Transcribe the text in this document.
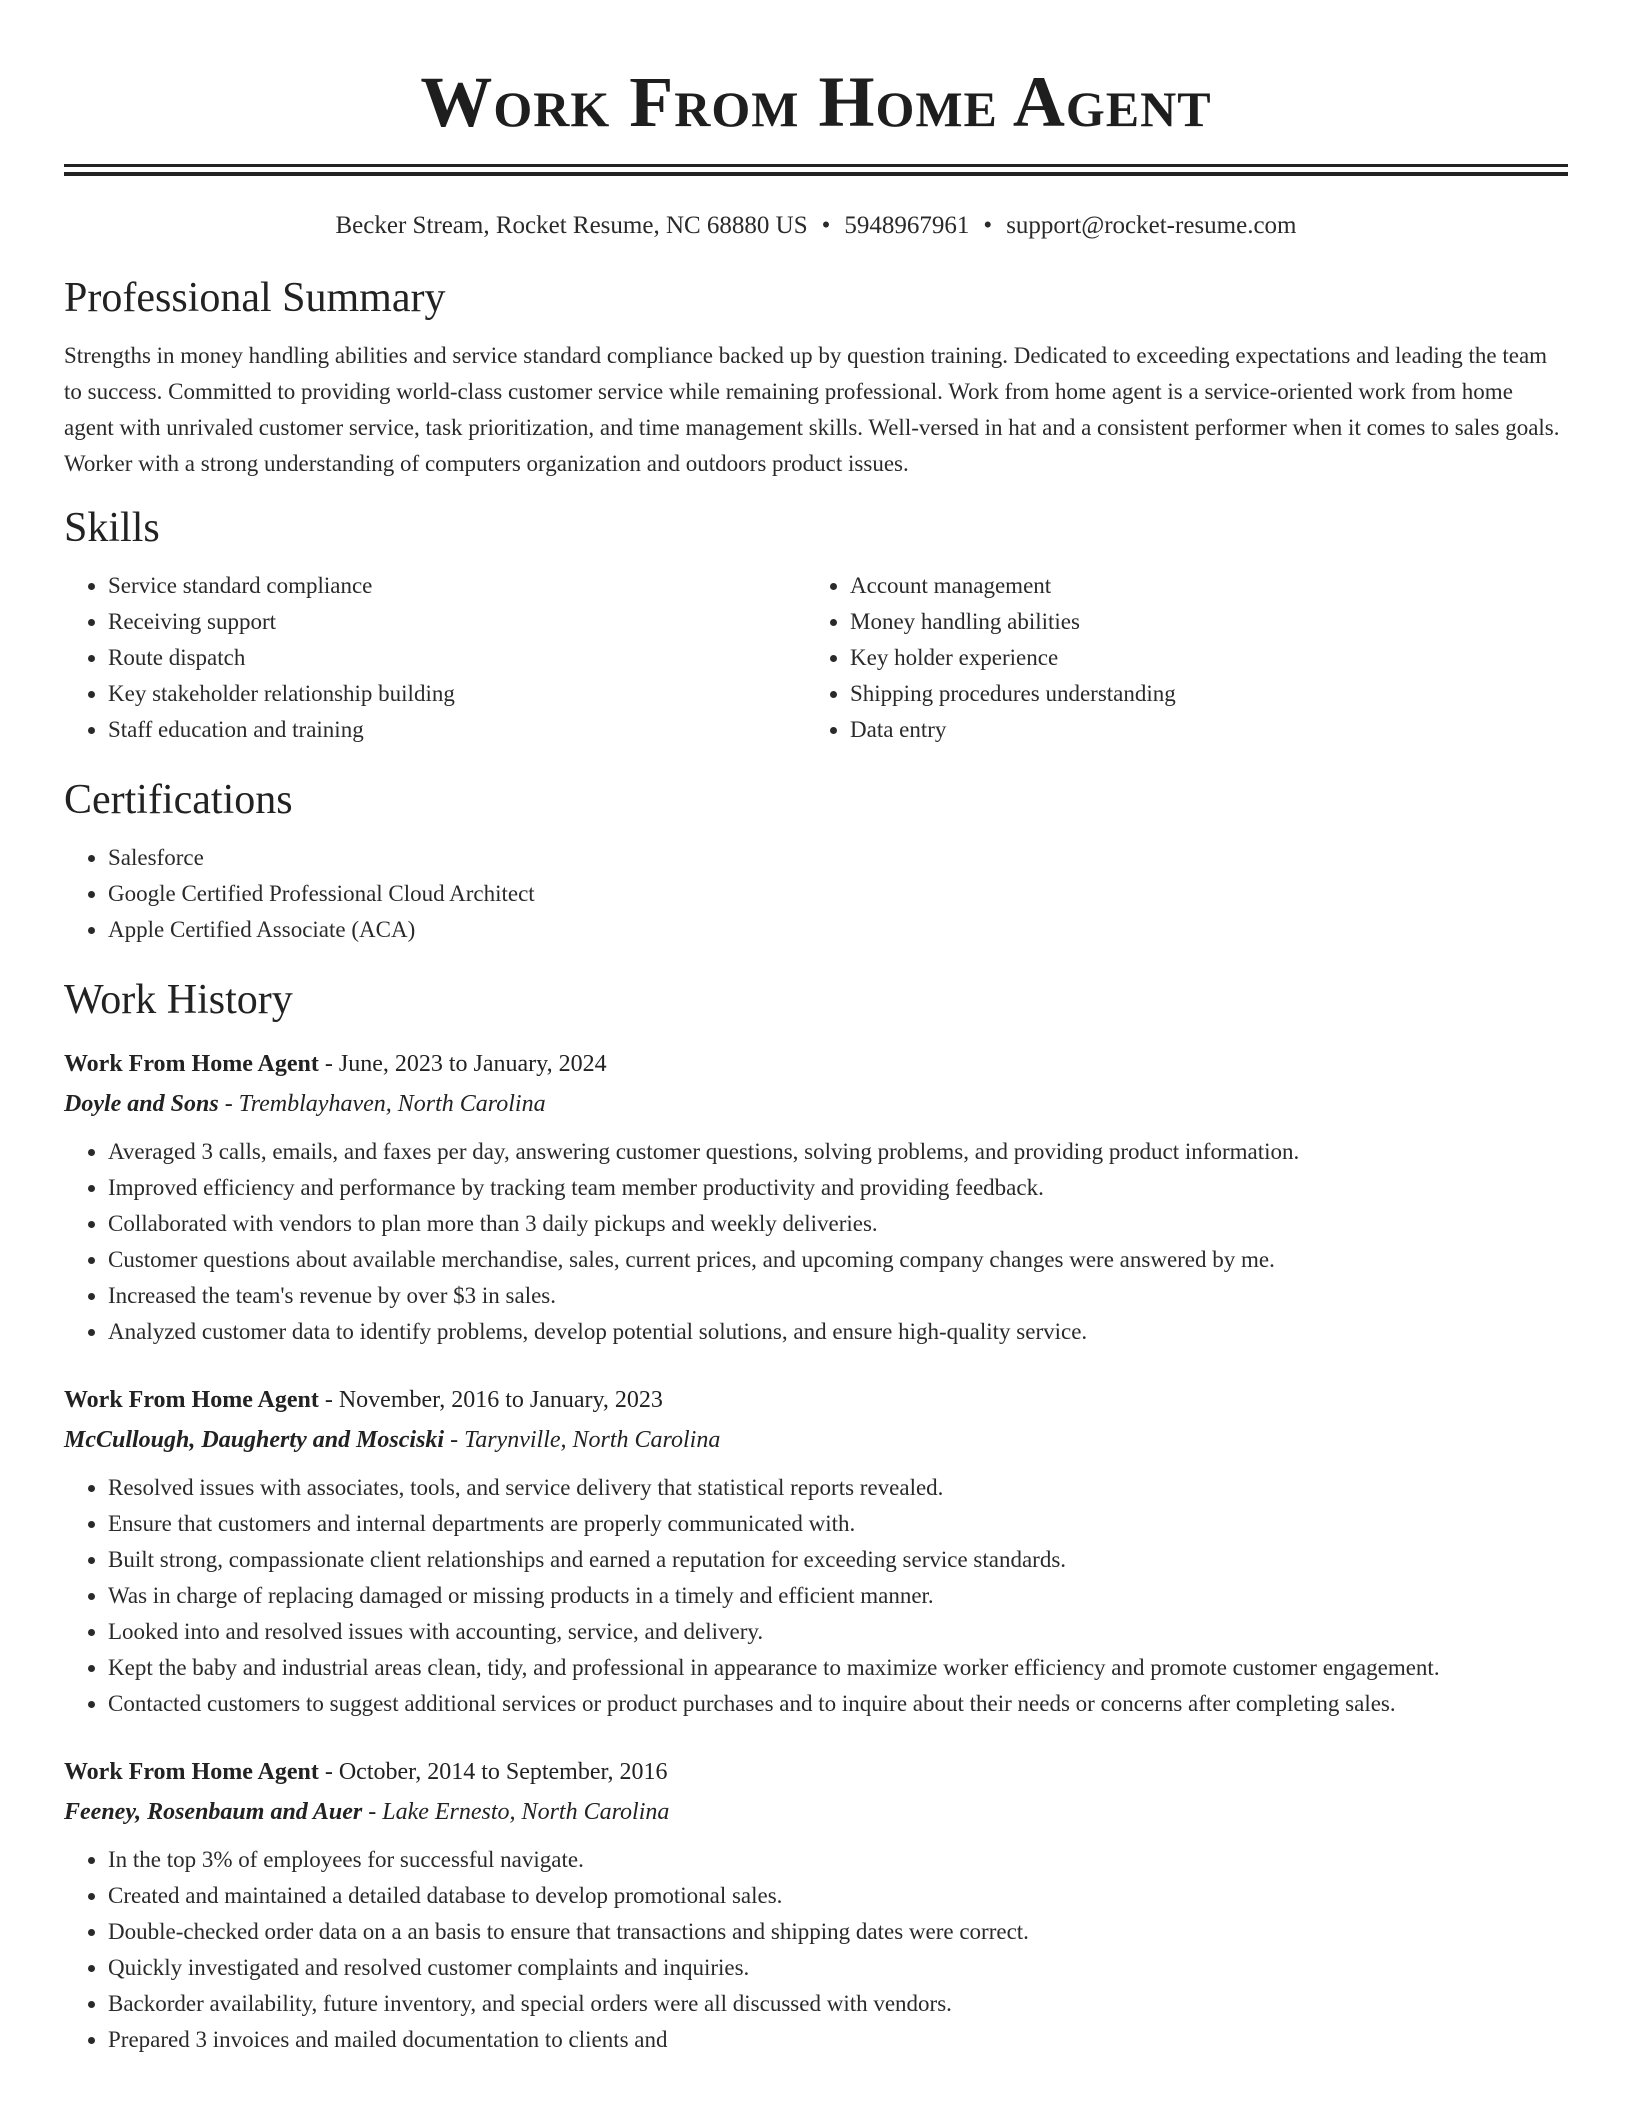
Work From Home Agent
Becker Stream, Rocket Resume, NC 68880 US • 5948967961 • support@rocket-resume.com
Professional Summary

Strengths in money handling abilities and service standard compliance backed up by question training. Dedicated to exceeding expectations and leading the team to success. Committed to providing world-class customer service while remaining professional. Work from home agent is a service-oriented work from home agent with unrivaled customer service, task prioritization, and time management skills. Well-versed in hat and a consistent performer when it comes to sales goals. Worker with a strong understanding of computers organization and outdoors product issues.

Skills
• Service standard compliance
• Receiving support
• Route dispatch
• Key stakeholder relationship building
• Staff education and training
• Account management
• Money handling abilities
• Key holder experience
• Shipping procedures understanding
• Data entry
Certifications
• Salesforce
• Google Certified Professional Cloud Architect
• Apple Certified Associate (ACA)
Work History
Work From Home Agent - June, 2023 to January, 2024
Doyle and Sons - Tremblayhaven, North Carolina
• Averaged 3 calls, emails, and faxes per day, answering customer questions, solving problems, and providing product information.
• Improved efficiency and performance by tracking team member productivity and providing feedback.
• Collaborated with vendors to plan more than 3 daily pickups and weekly deliveries.
• Customer questions about available merchandise, sales, current prices, and upcoming company changes were answered by me.
• Increased the team's revenue by over $3 in sales.
• Analyzed customer data to identify problems, develop potential solutions, and ensure high-quality service.
Work From Home Agent - November, 2016 to January, 2023
McCullough, Daugherty and Mosciski - Tarynville, North Carolina
• Resolved issues with associates, tools, and service delivery that statistical reports revealed.
• Ensure that customers and internal departments are properly communicated with.
• Built strong, compassionate client relationships and earned a reputation for exceeding service standards.
• Was in charge of replacing damaged or missing products in a timely and efficient manner.
• Looked into and resolved issues with accounting, service, and delivery.
• Kept the baby and industrial areas clean, tidy, and professional in appearance to maximize worker efficiency and promote customer engagement.
• Contacted customers to suggest additional services or product purchases and to inquire about their needs or concerns after completing sales.
Work From Home Agent - October, 2014 to September, 2016
Feeney, Rosenbaum and Auer - Lake Ernesto, North Carolina
• In the top 3% of employees for successful navigate.
• Created and maintained a detailed database to develop promotional sales.
• Double-checked order data on a an basis to ensure that transactions and shipping dates were correct.
• Quickly investigated and resolved customer complaints and inquiries.
• Backorder availability, future inventory, and special orders were all discussed with vendors.
• Prepared 3 invoices and mailed documentation to clients and
